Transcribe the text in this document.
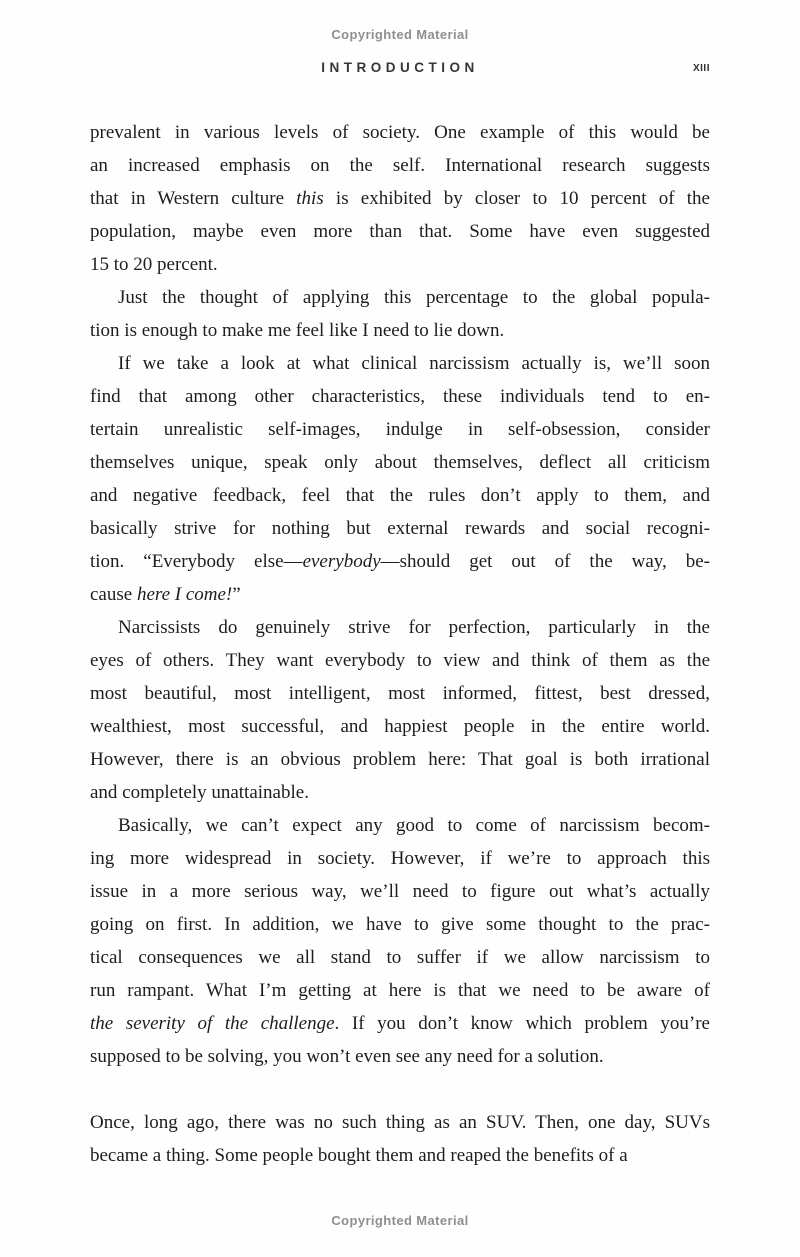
Copyrighted Material
INTRODUCTION	xiii
prevalent in various levels of society. One example of this would be
an increased emphasis on the self. International research suggests
that in Western culture this is exhibited by closer to 10 percent of the
population, maybe even more than that. Some have even suggested
15 to 20 percent.
Just the thought of applying this percentage to the global popula-
tion is enough to make me feel like I need to lie down.
If we take a look at what clinical narcissism actually is, we’ll soon
find that among other characteristics, these individuals tend to en-
tertain unrealistic self-images, indulge in self-obsession, consider
themselves unique, speak only about themselves, deflect all criticism
and negative feedback, feel that the rules don’t apply to them, and
basically strive for nothing but external rewards and social recogni-
tion. “Everybody else—everybody—should get out of the way, be-
cause here I come!”
Narcissists do genuinely strive for perfection, particularly in the
eyes of others. They want everybody to view and think of them as the
most beautiful, most intelligent, most informed, fittest, best dressed,
wealthiest, most successful, and happiest people in the entire world.
However, there is an obvious problem here: That goal is both irrational
and completely unattainable.
Basically, we can’t expect any good to come of narcissism becom-
ing more widespread in society. However, if we’re to approach this
issue in a more serious way, we’ll need to figure out what’s actually
going on first. In addition, we have to give some thought to the prac-
tical consequences we all stand to suffer if we allow narcissism to
run rampant. What I’m getting at here is that we need to be aware of
the severity of the challenge. If you don’t know which problem you’re
supposed to be solving, you won’t even see any need for a solution.
Once, long ago, there was no such thing as an SUV. Then, one day, SUVs
became a thing. Some people bought them and reaped the benefits of a
Copyrighted Material
